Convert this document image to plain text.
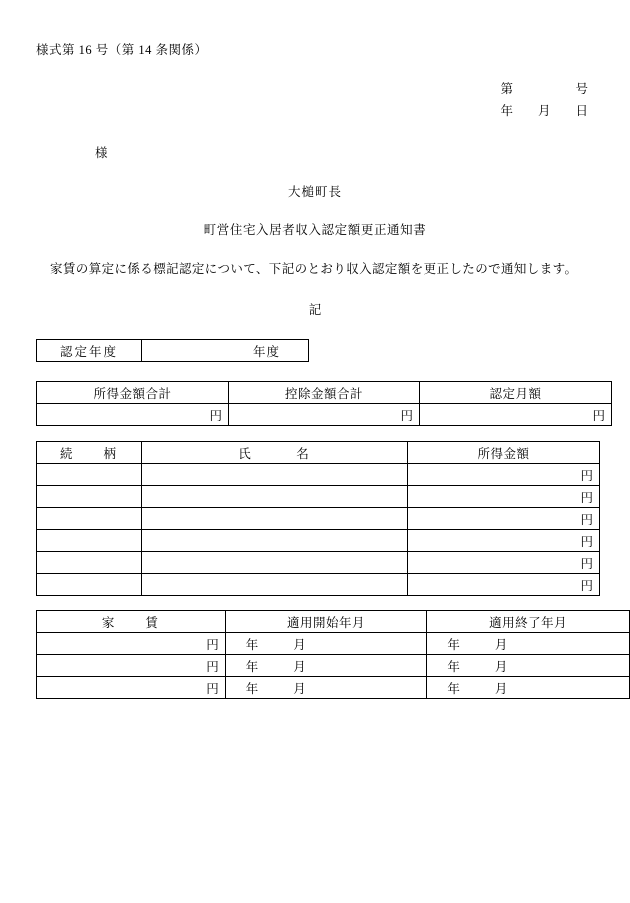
様式第 16 号（第 14 条関係）
第　　　　　号
年　　月　　日
様
大槌町長
町営住宅入居者収入認定額更正通知書
家賃の算定に係る標記認定について、下記のとおり収入認定額を更正したので通知します。
記
認定年度	年度
所得金額合計	控除金額合計	認定月額
円	円	円
続　　柄	氏　　　名	所得金額
		円
		円
		円
		円
		円
		円
家　　賃	適用開始年月	適用終了年月
円	年 月	年 月
円	年 月	年 月
円	年 月	年 月
